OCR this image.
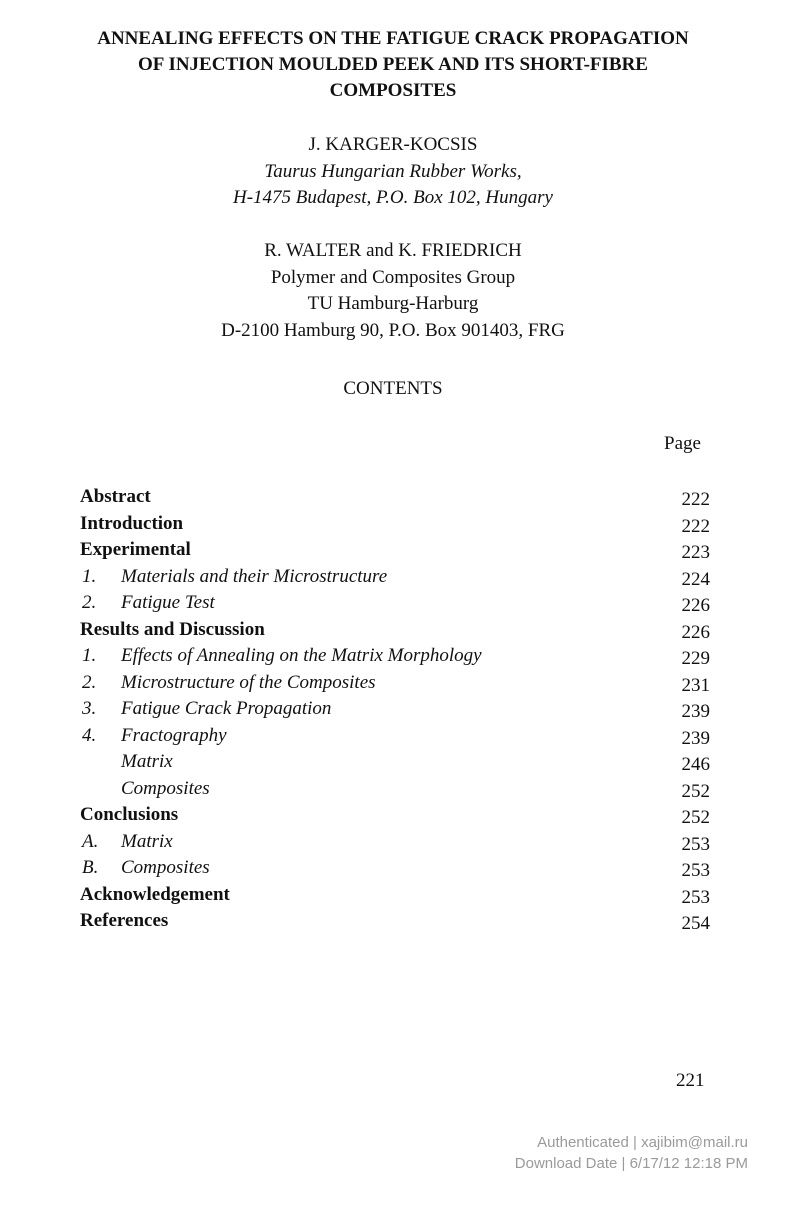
ANNEALING EFFECTS ON THE FATIGUE CRACK PROPAGATION
OF INJECTION MOULDED PEEK AND ITS SHORT-FIBRE
COMPOSITES
J. KARGER-KOCSIS
Taurus Hungarian Rubber Works,
H-1475 Budapest, P.O. Box 102, Hungary
R. WALTER and K. FRIEDRICH
Polymer and Composites Group
TU Hamburg-Harburg
D-2100 Hamburg 90, P.O. Box 901403, FRG
CONTENTS
Page
Abstract	222
Introduction	222
Experimental	223
1. Materials and their Microstructure	224
2. Fatigue Test	226
Results and Discussion	226
1. Effects of Annealing on the Matrix Morphology	229
2. Microstructure of the Composites	231
3. Fatigue Crack Propagation	239
4. Fractography	239
Matrix	246
Composites	252
Conclusions	252
A. Matrix	253
B. Composites	253
Acknowledgement	253
References	254
221
Authenticated | xajibim@mail.ru
Download Date | 6/17/12 12:18 PM
